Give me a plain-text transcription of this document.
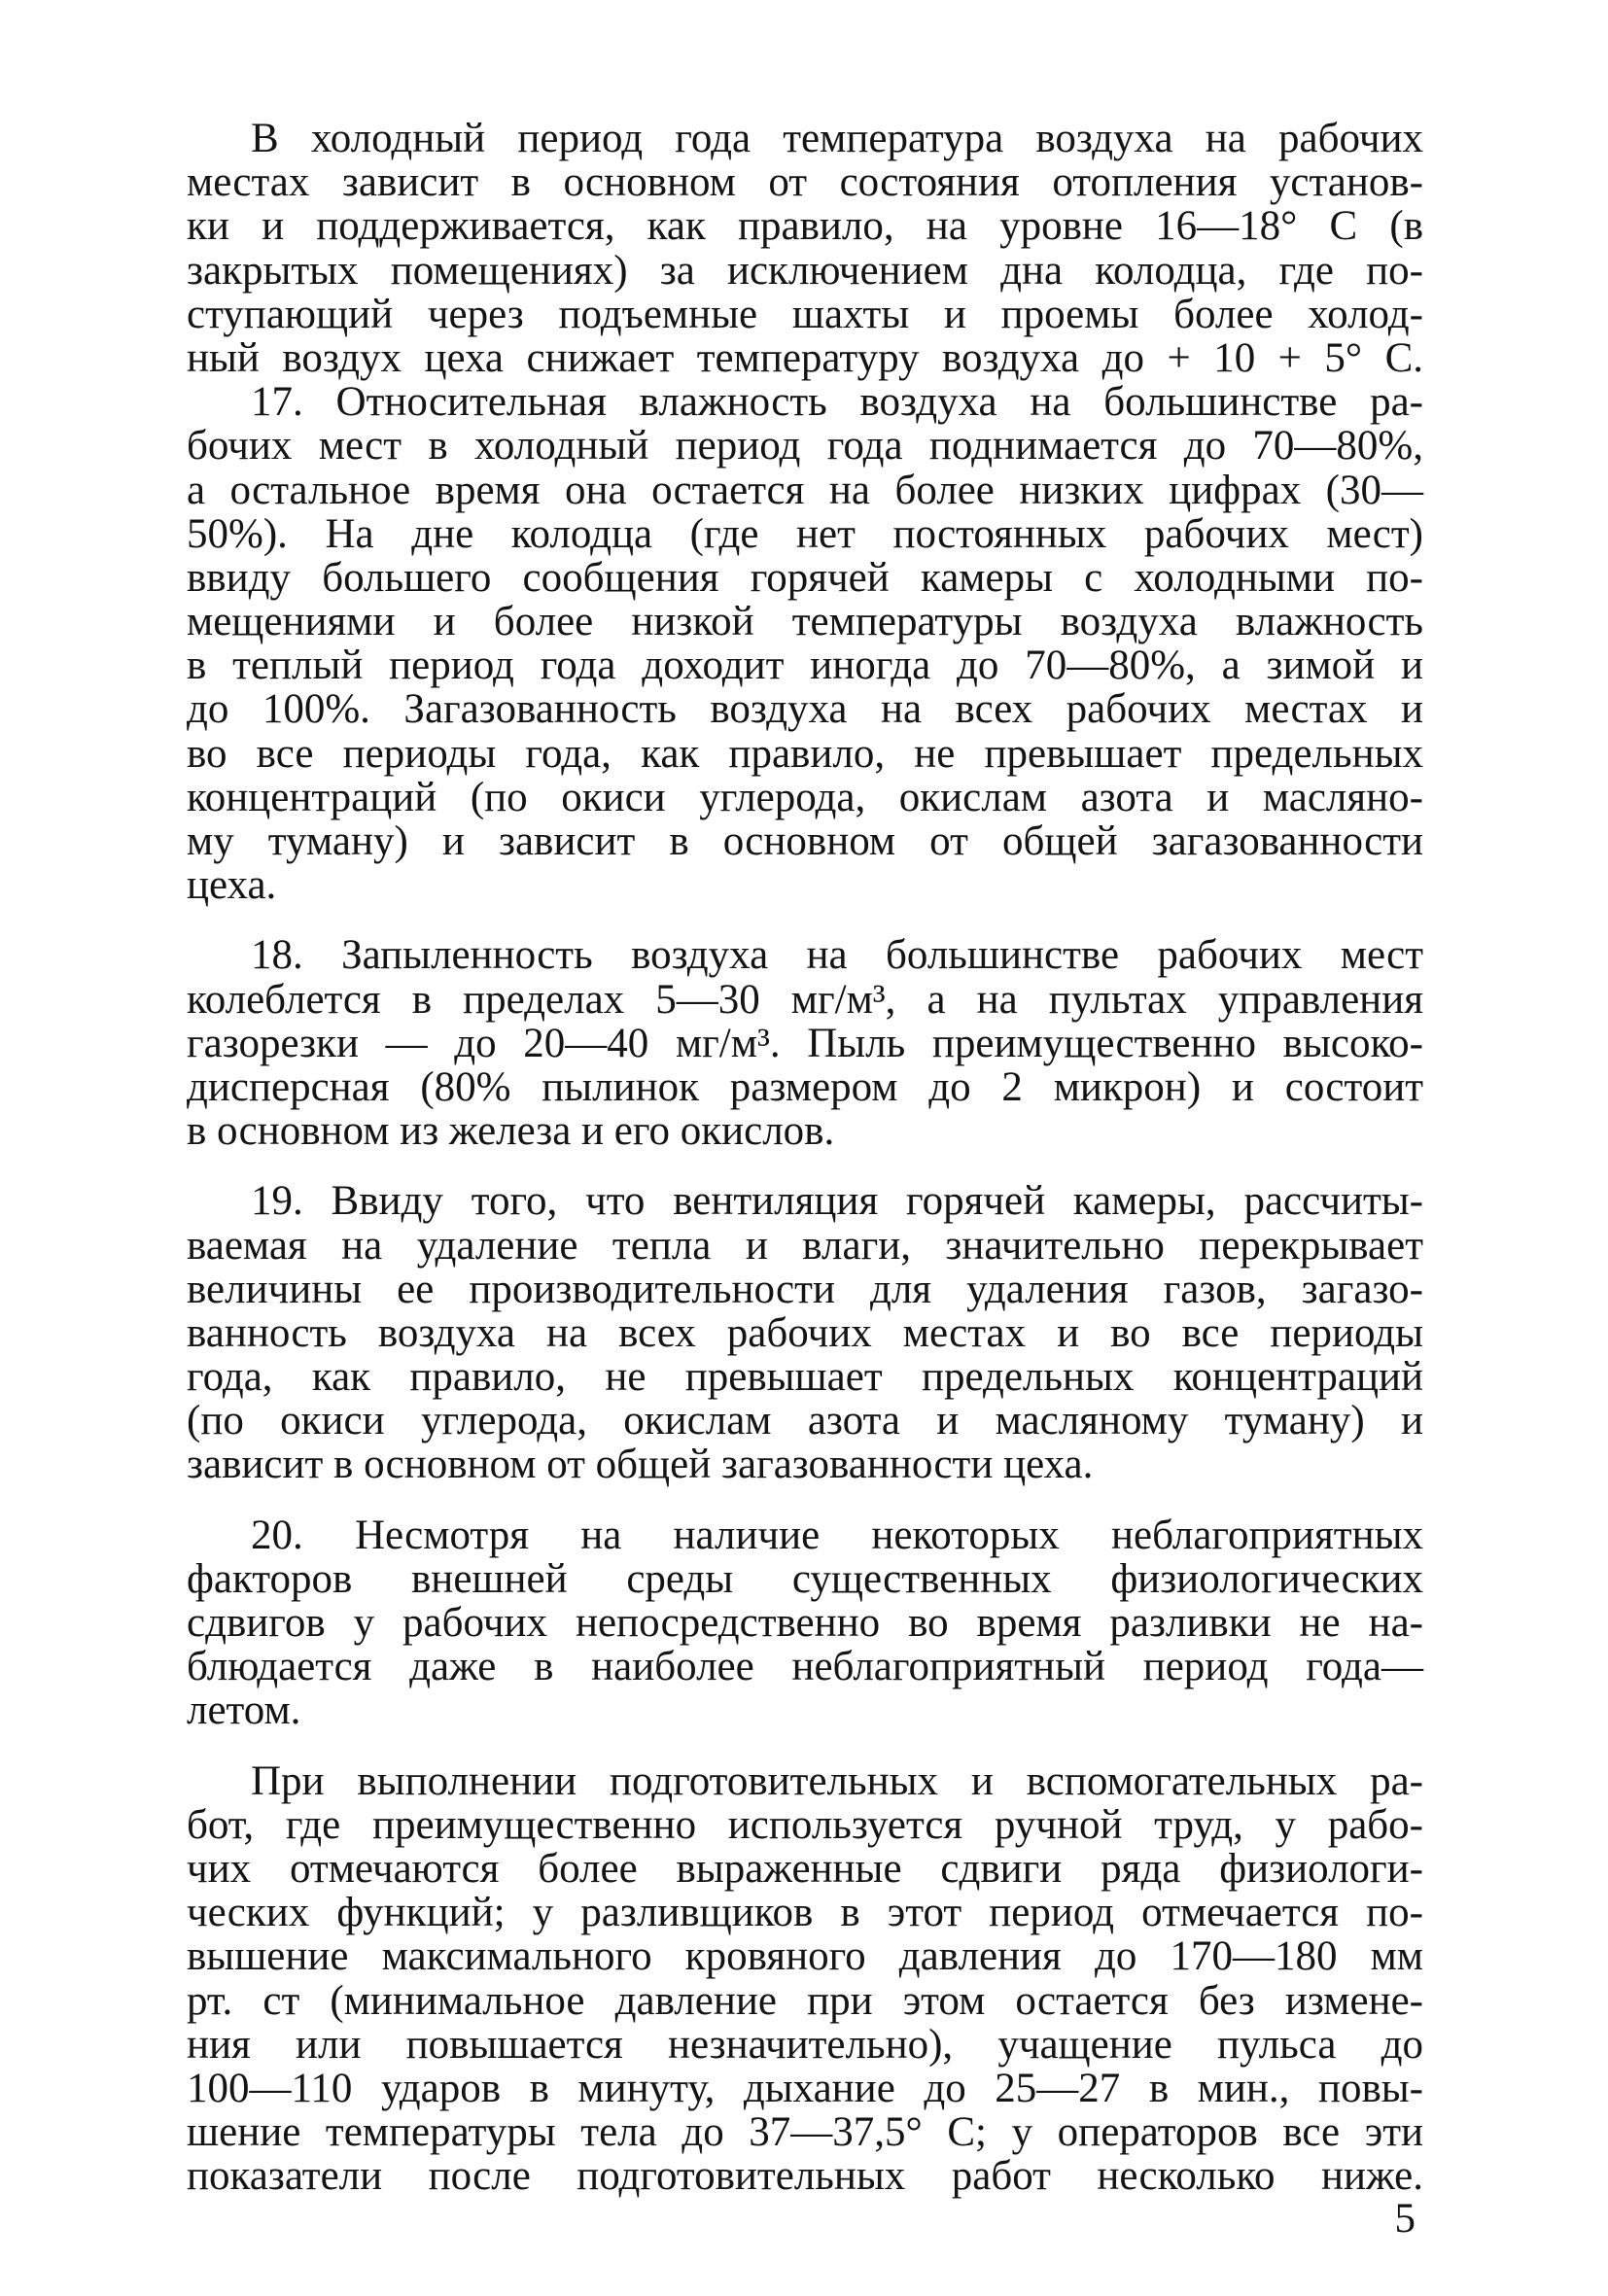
В холодный период года температура воздуха на рабочих
местах зависит в основном от состояния отопления установ-
ки и поддерживается, как правило, на уровне 16—18° С (в
закрытых помещениях) за исключением дна колодца, где по-
ступающий через подъемные шахты и проемы более холод-
ный воздух цеха снижает температуру воздуха до + 10 + 5° С.
17. Относительная влажность воздуха на большинстве ра-
бочих мест в холодный период года поднимается до 70—80%,
а остальное время она остается на более низких цифрах (30—
50%). На дне колодца (где нет постоянных рабочих мест)
ввиду большего сообщения горячей камеры с холодными по-
мещениями и более низкой температуры воздуха влажность
в теплый период года доходит иногда до 70—80%, а зимой и
до 100%. Загазованность воздуха на всех рабочих местах и
во все периоды года, как правило, не превышает предельных
концентраций (по окиси углерода, окислам азота и масляно-
му туману) и зависит в основном от общей загазованности
цеха.
18. Запыленность воздуха на большинстве рабочих мест
колеблется в пределах 5—30 мг/м³, а на пультах управления
газорезки — до 20—40 мг/м³. Пыль преимущественно высоко-
дисперсная (80% пылинок размером до 2 микрон) и состоит
в основном из железа и его окислов.
19. Ввиду того, что вентиляция горячей камеры, рассчиты-
ваемая на удаление тепла и влаги, значительно перекрывает
величины ее производительности для удаления газов, загазо-
ванность воздуха на всех рабочих местах и во все периоды
года, как правило, не превышает предельных концентраций
(по окиси углерода, окислам азота и масляному туману) и
зависит в основном от общей загазованности цеха.
20. Несмотря на наличие некоторых неблагоприятных
факторов внешней среды существенных физиологических
сдвигов у рабочих непосредственно во время разливки не на-
блюдается даже в наиболее неблагоприятный период года—
летом.
При выполнении подготовительных и вспомогательных ра-
бот, где преимущественно используется ручной труд, у рабо-
чих отмечаются более выраженные сдвиги ряда физиологи-
ческих функций; у разливщиков в этот период отмечается по-
вышение максимального кровяного давления до 170—180 мм
рт. ст (минимальное давление при этом остается без измене-
ния или повышается незначительно), учащение пульса до
100—110 ударов в минуту, дыхание до 25—27 в мин., повы-
шение температуры тела до 37—37,5° С; у операторов все эти
показатели после подготовительных работ несколько ниже.
5
